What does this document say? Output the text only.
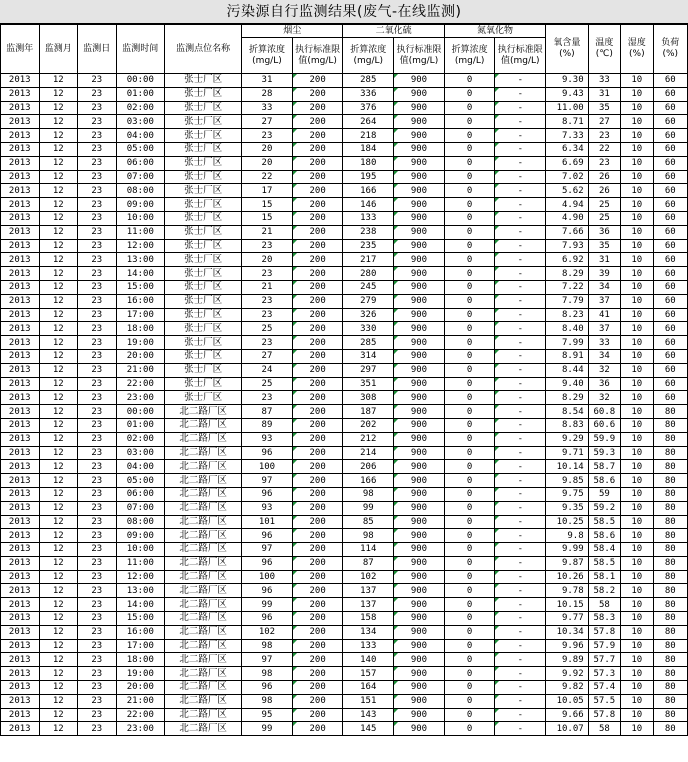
污染源自行监测结果(废气-在线监测)
监测年	监测月	监测日	监测时间	监测点位名称	烟尘		二氧化硫		氮氧化物		氧含量(%)	温度(℃)	湿度(%)	负荷(%)
					折算浓度(mg/L)	执行标准限值(mg/L)	折算浓度(mg/L)	执行标准限值(mg/L)	折算浓度(mg/L)	执行标准限值(mg/L)				
2013	12	23	00:00	张士厂区	31	200	285	900	0	-	9.30	33	10	60
2013	12	23	01:00	张士厂区	28	200	336	900	0	-	9.43	31	10	60
2013	12	23	02:00	张士厂区	33	200	376	900	0	-	11.00	35	10	60
2013	12	23	03:00	张士厂区	27	200	264	900	0	-	8.71	27	10	60
2013	12	23	04:00	张士厂区	23	200	218	900	0	-	7.33	23	10	60
2013	12	23	05:00	张士厂区	20	200	184	900	0	-	6.34	22	10	60
2013	12	23	06:00	张士厂区	20	200	180	900	0	-	6.69	23	10	60
2013	12	23	07:00	张士厂区	22	200	195	900	0	-	7.02	26	10	60
2013	12	23	08:00	张士厂区	17	200	166	900	0	-	5.62	26	10	60
2013	12	23	09:00	张士厂区	15	200	146	900	0	-	4.94	25	10	60
2013	12	23	10:00	张士厂区	15	200	133	900	0	-	4.90	25	10	60
2013	12	23	11:00	张士厂区	21	200	238	900	0	-	7.66	36	10	60
2013	12	23	12:00	张士厂区	23	200	235	900	0	-	7.93	35	10	60
2013	12	23	13:00	张士厂区	20	200	217	900	0	-	6.92	31	10	60
2013	12	23	14:00	张士厂区	23	200	280	900	0	-	8.29	39	10	60
2013	12	23	15:00	张士厂区	21	200	245	900	0	-	7.22	34	10	60
2013	12	23	16:00	张士厂区	23	200	279	900	0	-	7.79	37	10	60
2013	12	23	17:00	张士厂区	23	200	326	900	0	-	8.23	41	10	60
2013	12	23	18:00	张士厂区	25	200	330	900	0	-	8.40	37	10	60
2013	12	23	19:00	张士厂区	23	200	285	900	0	-	7.99	33	10	60
2013	12	23	20:00	张士厂区	27	200	314	900	0	-	8.91	34	10	60
2013	12	23	21:00	张士厂区	24	200	297	900	0	-	8.44	32	10	60
2013	12	23	22:00	张士厂区	25	200	351	900	0	-	9.40	36	10	60
2013	12	23	23:00	张士厂区	23	200	308	900	0	-	8.29	32	10	60
2013	12	23	00:00	北二路厂区	87	200	187	900	0	-	8.54	60.8	10	80
2013	12	23	01:00	北二路厂区	89	200	202	900	0	-	8.83	60.6	10	80
2013	12	23	02:00	北二路厂区	93	200	212	900	0	-	9.29	59.9	10	80
2013	12	23	03:00	北二路厂区	96	200	214	900	0	-	9.71	59.3	10	80
2013	12	23	04:00	北二路厂区	100	200	206	900	0	-	10.14	58.7	10	80
2013	12	23	05:00	北二路厂区	97	200	166	900	0	-	9.85	58.6	10	80
2013	12	23	06:00	北二路厂区	96	200	98	900	0	-	9.75	59	10	80
2013	12	23	07:00	北二路厂区	93	200	99	900	0	-	9.35	59.2	10	80
2013	12	23	08:00	北二路厂区	101	200	85	900	0	-	10.25	58.5	10	80
2013	12	23	09:00	北二路厂区	96	200	98	900	0	-	9.8	58.6	10	80
2013	12	23	10:00	北二路厂区	97	200	114	900	0	-	9.99	58.4	10	80
2013	12	23	11:00	北二路厂区	96	200	87	900	0	-	9.87	58.5	10	80
2013	12	23	12:00	北二路厂区	100	200	102	900	0	-	10.26	58.1	10	80
2013	12	23	13:00	北二路厂区	96	200	137	900	0	-	9.78	58.2	10	80
2013	12	23	14:00	北二路厂区	99	200	137	900	0	-	10.15	58	10	80
2013	12	23	15:00	北二路厂区	96	200	158	900	0	-	9.77	58.3	10	80
2013	12	23	16:00	北二路厂区	102	200	134	900	0	-	10.34	57.8	10	80
2013	12	23	17:00	北二路厂区	98	200	133	900	0	-	9.96	57.9	10	80
2013	12	23	18:00	北二路厂区	97	200	140	900	0	-	9.89	57.7	10	80
2013	12	23	19:00	北二路厂区	98	200	157	900	0	-	9.92	57.3	10	80
2013	12	23	20:00	北二路厂区	96	200	164	900	0	-	9.82	57.4	10	80
2013	12	23	21:00	北二路厂区	98	200	151	900	0	-	10.05	57.5	10	80
2013	12	23	22:00	北二路厂区	95	200	143	900	0	-	9.66	57.8	10	80
2013	12	23	23:00	北二路厂区	99	200	145	900	0	-	10.07	58	10	80
